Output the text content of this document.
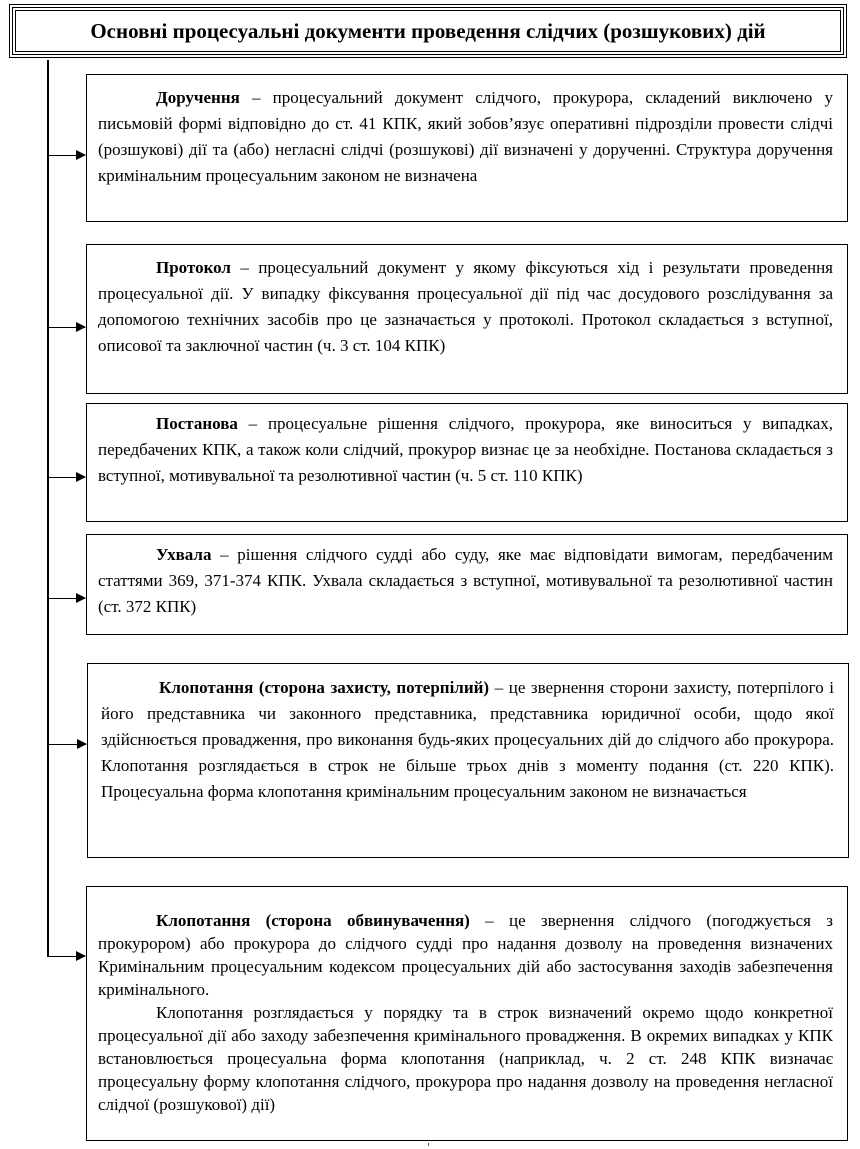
Основні процесуальні документи проведення слідчих (розшукових) дій

Доручення – процесуальний документ слідчого, прокурора, складений виключено у письмовій формі відповідно до ст. 41 КПК, який зобов’язує оперативні підрозділи провести слідчі (розшукові) дії та (або) негласні слідчі (розшукові) дії визначені у дорученні. Структура доручення кримінальним процесуальним законом не визначена

Протокол – процесуальний документ у якому фіксуються хід і результати проведення процесуальної дії. У випадку фіксування процесуальної дії під час досудового розслідування за допомогою технічних засобів про це зазначається у протоколі. Протокол складається з вступної, описової та заключної частин (ч. 3 ст. 104 КПК)

Постанова – процесуальне рішення слідчого, прокурора, яке виноситься у випадках, передбачених КПК, а також коли слідчий, прокурор визнає це за необхідне. Постанова складається з вступної, мотивувальної та резолютивної частин (ч. 5 ст. 110 КПК)

Ухвала – рішення слідчого судді або суду, яке має відповідати вимогам, передбаченим статтями 369, 371-374 КПК. Ухвала складається з вступної, мотивувальної та резолютивної частин (ст. 372 КПК)

Клопотання (сторона захисту, потерпілий) – це звернення сторони захисту, потерпілого і його представника чи законного представника, представника юридичної особи, щодо якої здійснюється провадження, про виконання будь-яких процесуальних дій до слідчого або прокурора. Клопотання розглядається в строк не більше трьох днів з моменту подання (ст. 220 КПК). Процесуальна форма клопотання кримінальним процесуальним законом не визначається

Клопотання (сторона обвинувачення) – це звернення слідчого (погоджується з прокурором) або прокурора до слідчого судді про надання дозволу на проведення визначених Кримінальним процесуальним кодексом процесуальних дій або застосування заходів забезпечення кримінального.

Клопотання розглядається у порядку та в строк визначений окремо щодо конкретної процесуальної дії або заходу забезпечення кримінального провадження. В окремих випадках у КПК встановлюється процесуальна форма клопотання (наприклад, ч. 2 ст. 248 КПК визначає процесуальну форму клопотання слідчого, прокурора про надання дозволу на проведення негласної слідчої (розшукової) дії)
